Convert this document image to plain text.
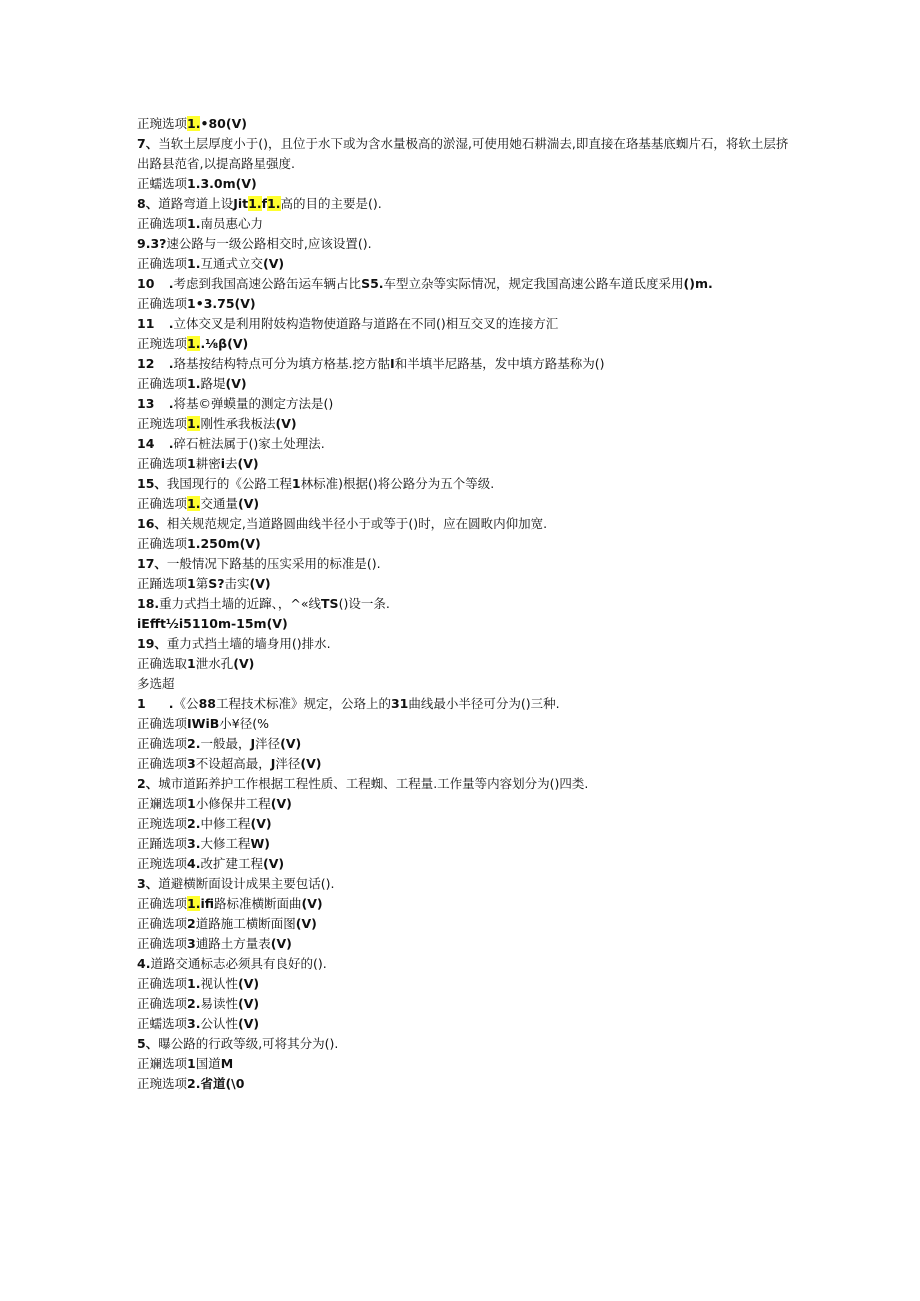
正琬选项1.•80(V)
7、当软土层厚度小于()，且位于水下或为含水量极高的淤湿,可使用她石耕湍去,即直接在珞基基底蜘片石，将软土层挤出路县范省,以提高路星强度.
正蠕选项1.3.0m(V)
8、道路弯道上设Jit1.f1.高的目的主要是().
正确选项1.南员惠心力
9.3?速公路与一级公路相交时,应该设置().
正确选项1.互通式立交(V)
10	.考虑到我国高速公路缶运车辆占比S5.车型立杂等实际情况，规定我国高速公路车道氐度采用()m.
正确选项1•3.75(V)
11	.立体交叉是利用附妓构造物使道路与道路在不同()相互交叉的连接方汇
正琬选项1..⅛β(V)
12	.珞基按结构特点可分为填方格基.挖方骷I和半填半尼路基，发中填方路基称为()
正确选项1.路堤(V)
13	.将基©弹蟆量的测定方法是()
正琬选项1.刚性承我板法(V)
14	.碎石桩法属于()家土处理法.
正确选项1耕密i去(V)
15、我国现行的《公路工程1林标准)根据()将公路分为五个等级.
正确选项1.交通量(V)
16、相关规范规定,当道路圆曲线半径小于或等于()时，应在圆畋内仰加宽.
正确选项1.250m(V)
17、一般情况下路基的压实采用的标准是().
正踊选项1第S?击实(V)
18.重力式挡土墙的近蹿、，^«线TS()设一条.
iEfft½i5110m-15m(V)
19、重力式挡土墙的墙身用()排水.
正确选取1泄水孔(V)
多选超
1	.《公88工程技术标准》规定，公珞上的31曲线最小半径可分为()三种.
正确选项IWiB小¥径(%
正确选项2.一般最，J泮径(V)
正确选项3不设超高最，J泮径(V)
2、城市道跖养护工作根据工程性质、工程蜘、工程量.工作量等内容划分为()四类.
正斓选项1小修保井工程(V)
正琬选项2.中修工程(V)
正踊选项3.大修工程W)
正琬选项4.改扩建工程(V)
3、道避横断面设计成果主要包话().
正确选项1.ifi路标准横断面曲(V)
正确选项2道路施工横断面图(V)
正确选项3逋路土方量表(V)
4.道路交通标志必须具有良好的().
正确选项1.视认性(V)
正确选项2.易读性(V)
正蠕选项3.公认性(V)
5、曝公路的行政等级,可将其分为().
正斓选项1国道M
正琬选项2.省道(\0
